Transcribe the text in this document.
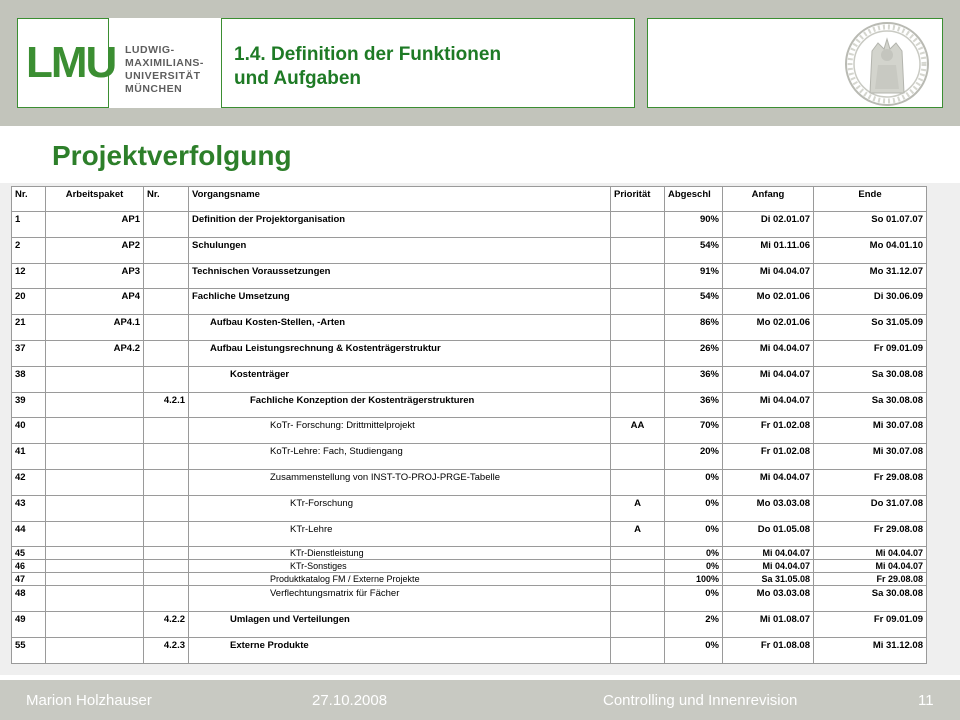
LMU LUDWIG-
MAXIMILIANS-
UNIVERSITÄT
MÜNCHEN
1.4. Definition der Funktionen
und Aufgaben
Projektverfolgung
Nr.	Arbeitspaket	Nr.	Vorgangsname	Priorität	Abgeschl	Anfang	Ende
1	AP1		Definition der Projektorganisation		90%	Di 02.01.07	So 01.07.07
2	AP2		Schulungen		54%	Mi 01.11.06	Mo 04.01.10
12	AP3		Technischen Voraussetzungen		91%	Mi 04.04.07	Mo 31.12.07
20	AP4		Fachliche Umsetzung		54%	Mo 02.01.06	Di 30.06.09
21	AP4.1		Aufbau Kosten-Stellen, -Arten		86%	Mo 02.01.06	So 31.05.09
37	AP4.2		Aufbau Leistungsrechnung & Kostenträgerstruktur		26%	Mi 04.04.07	Fr 09.01.09
38			Kostenträger		36%	Mi 04.04.07	Sa 30.08.08
39		4.2.1	Fachliche Konzeption der Kostenträgerstrukturen		36%	Mi 04.04.07	Sa 30.08.08
40			KoTr- Forschung: Drittmittelprojekt	AA	70%	Fr 01.02.08	Mi 30.07.08
41			KoTr-Lehre: Fach, Studiengang		20%	Fr 01.02.08	Mi 30.07.08
42			Zusammenstellung von INST-TO-PROJ-PRGE-Tabelle		0%	Mi 04.04.07	Fr 29.08.08
43			KTr-Forschung	A	0%	Mo 03.03.08	Do 31.07.08
44			KTr-Lehre	A	0%	Do 01.05.08	Fr 29.08.08
45			KTr-Dienstleistung		0%	Mi 04.04.07	Mi 04.04.07
46			KTr-Sonstiges		0%	Mi 04.04.07	Mi 04.04.07
47			Produktkatalog FM / Externe Projekte		100%	Sa 31.05.08	Fr 29.08.08
48			Verflechtungsmatrix für Fächer		0%	Mo 03.03.08	Sa 30.08.08
49		4.2.2	Umlagen und Verteilungen		2%	Mi 01.08.07	Fr 09.01.09
55		4.2.3	Externe Produkte		0%	Fr 01.08.08	Mi 31.12.08
Marion Holzhauser	27.10.2008	Controlling und Innenrevision	11
